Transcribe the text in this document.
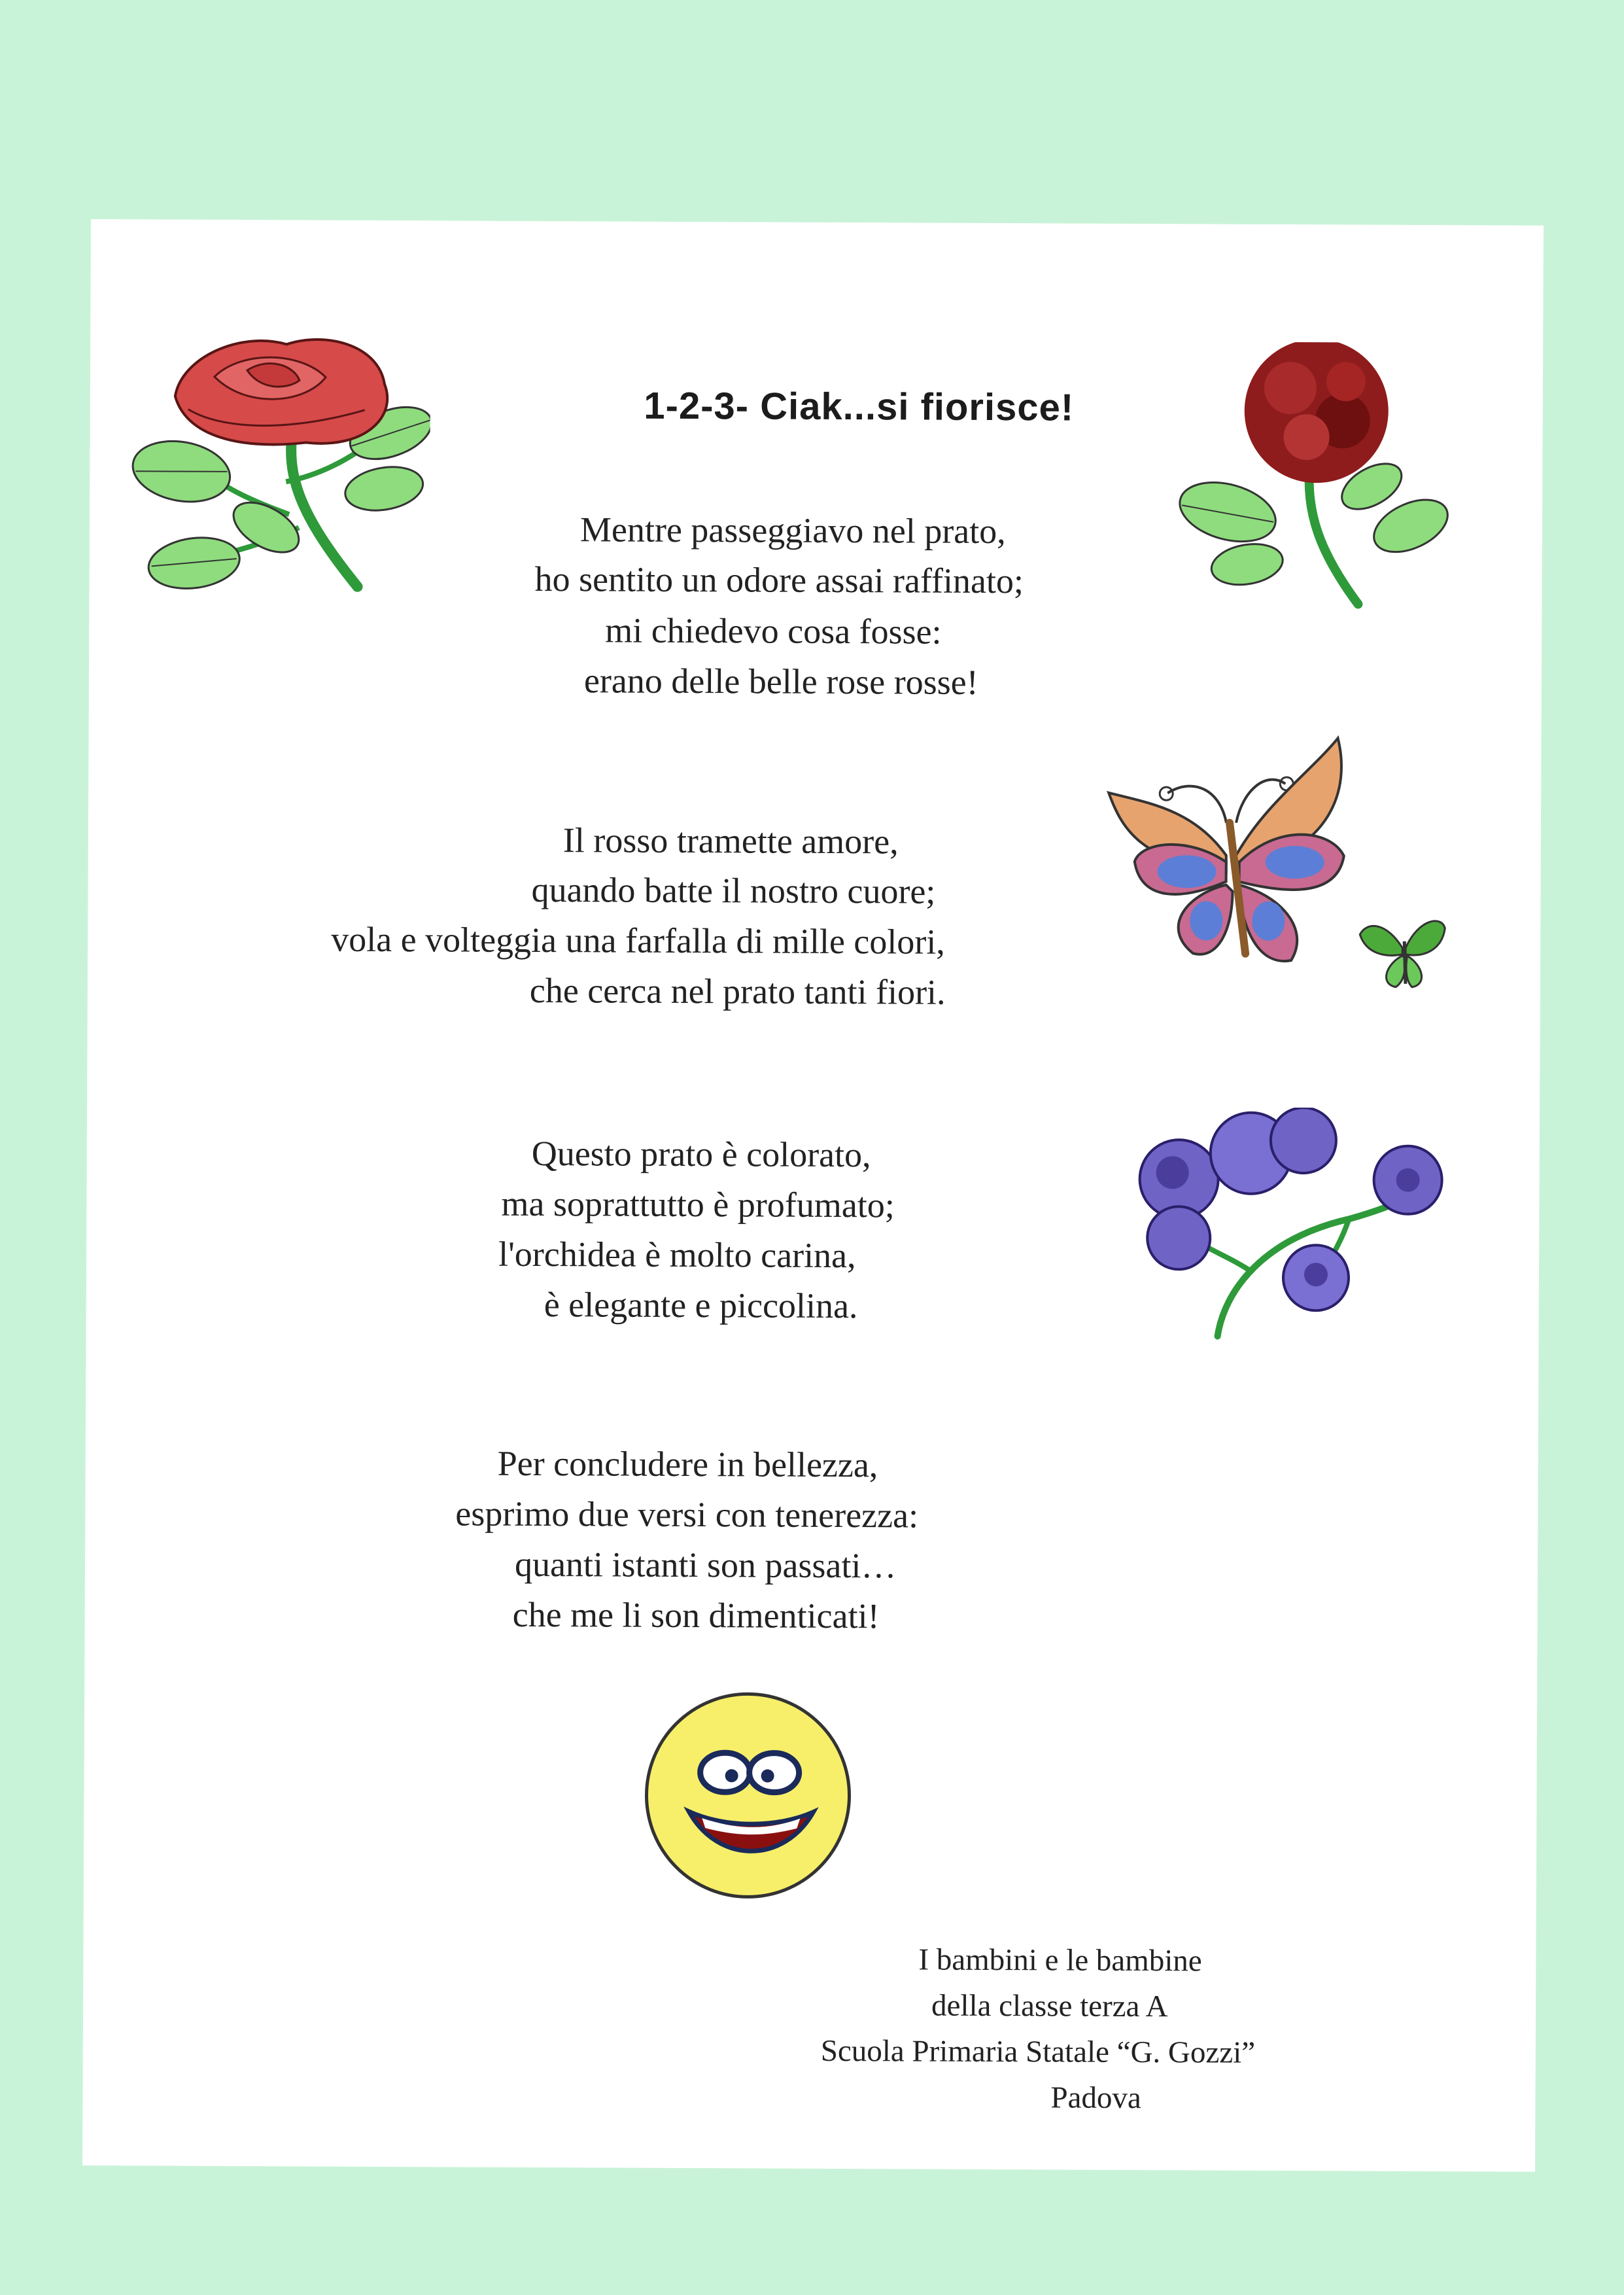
1-2-3- Ciak...si fiorisce!
Mentre passeggiavo nel prato,
ho sentito un odore assai raffinato;
mi chiedevo cosa fosse:
erano delle belle rose rosse!
Il rosso tramette amore,
quando batte il nostro cuore;
vola e volteggia una farfalla di mille colori,
che cerca nel prato tanti fiori.
Questo prato è colorato,
ma soprattutto è profumato;
l'orchidea è molto carina,
è elegante e piccolina.
Per concludere in bellezza,
esprimo due versi con tenerezza:
quanti istanti son passati…
che me li son dimenticati!
I bambini e le bambine
della classe terza A
Scuola Primaria Statale “G. Gozzi”
Padova
